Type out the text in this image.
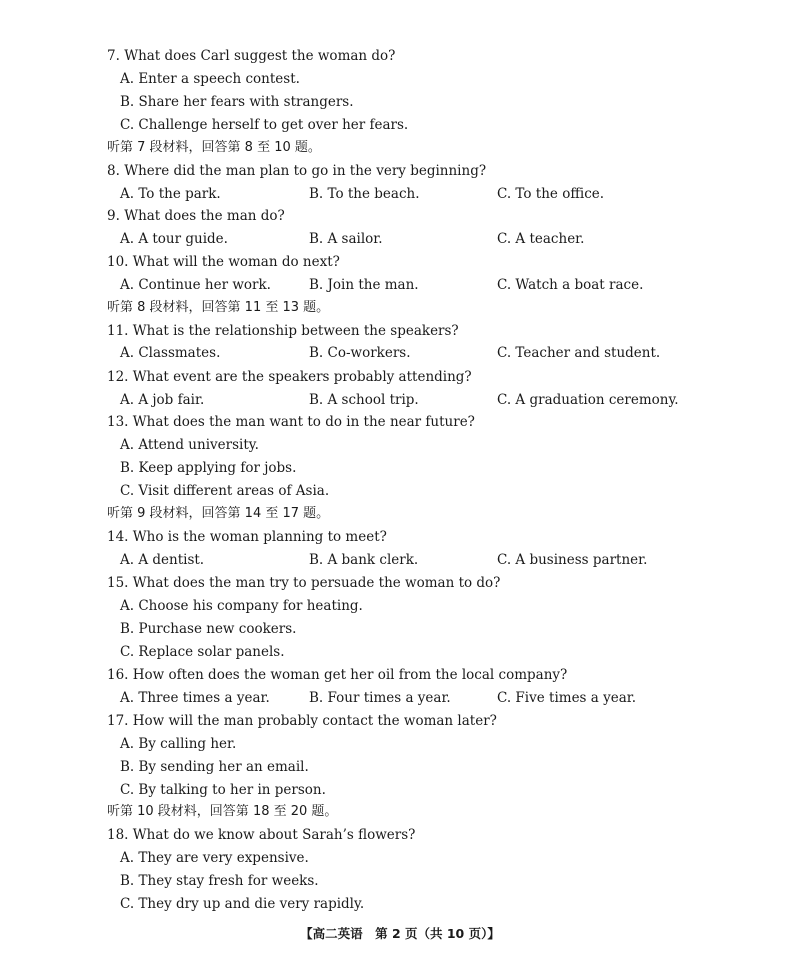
7. What does Carl suggest the woman do?
A. Enter a speech contest.
B. Share her fears with strangers.
C. Challenge herself to get over her fears.
听第 7 段材料，回答第 8 至 10 题。
8. Where did the man plan to go in the very beginning?
A. To the park.	B. To the beach.	C. To the office.
9. What does the man do?
A. A tour guide.	B. A sailor.	C. A teacher.
10. What will the woman do next?
A. Continue her work.	B. Join the man.	C. Watch a boat race.
听第 8 段材料，回答第 11 至 13 题。
11. What is the relationship between the speakers?
A. Classmates.	B. Co-workers.	C. Teacher and student.
12. What event are the speakers probably attending?
A. A job fair.	B. A school trip.	C. A graduation ceremony.
13. What does the man want to do in the near future?
A. Attend university.
B. Keep applying for jobs.
C. Visit different areas of Asia.
听第 9 段材料，回答第 14 至 17 题。
14. Who is the woman planning to meet?
A. A dentist.	B. A bank clerk.	C. A business partner.
15. What does the man try to persuade the woman to do?
A. Choose his company for heating.
B. Purchase new cookers.
C. Replace solar panels.
16. How often does the woman get her oil from the local company?
A. Three times a year.	B. Four times a year.	C. Five times a year.
17. How will the man probably contact the woman later?
A. By calling her.
B. By sending her an email.
C. By talking to her in person.
听第 10 段材料，回答第 18 至 20 题。
18. What do we know about Sarah’s flowers?
A. They are very expensive.
B. They stay fresh for weeks.
C. They dry up and die very rapidly.
【高二英语　第 2 页（共 10 页）】
